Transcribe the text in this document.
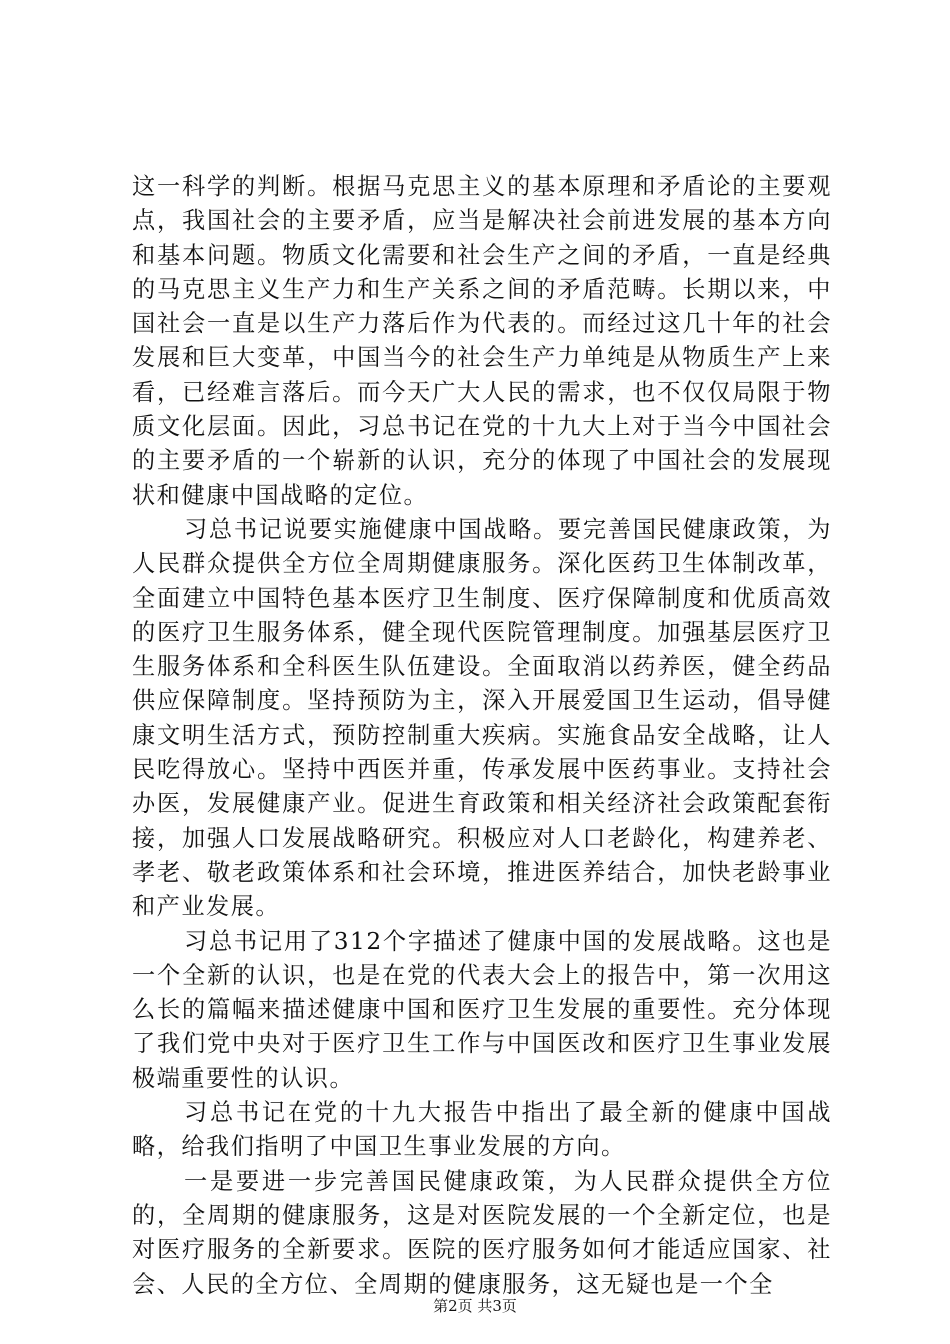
这一科学的判断。根据马克思主义的基本原理和矛盾论的主要观点，我国社会的主要矛盾，应当是解决社会前进发展的基本方向和基本问题。物质文化需要和社会生产之间的矛盾，一直是经典的马克思主义生产力和生产关系之间的矛盾范畴。长期以来，中国社会一直是以生产力落后作为代表的。而经过这几十年的社会发展和巨大变革，中国当今的社会生产力单纯是从物质生产上来看，已经难言落后。而今天广大人民的需求，也不仅仅局限于物质文化层面。因此，习总书记在党的十九大上对于当今中国社会的主要矛盾的一个崭新的认识，充分的体现了中国社会的发展现状和健康中国战略的定位。

习总书记说要实施健康中国战略。要完善国民健康政策，为人民群众提供全方位全周期健康服务。深化医药卫生体制改革，全面建立中国特色基本医疗卫生制度、医疗保障制度和优质高效的医疗卫生服务体系，健全现代医院管理制度。加强基层医疗卫生服务体系和全科医生队伍建设。全面取消以药养医，健全药品供应保障制度。坚持预防为主，深入开展爱国卫生运动，倡导健康文明生活方式，预防控制重大疾病。实施食品安全战略，让人民吃得放心。坚持中西医并重，传承发展中医药事业。支持社会办医，发展健康产业。促进生育政策和相关经济社会政策配套衔接，加强人口发展战略研究。积极应对人口老龄化，构建养老、孝老、敬老政策体系和社会环境，推进医养结合，加快老龄事业和产业发展。

习总书记用了312个字描述了健康中国的发展战略。这也是一个全新的认识，也是在党的代表大会上的报告中，第一次用这么长的篇幅来描述健康中国和医疗卫生发展的重要性。充分体现了我们党中央对于医疗卫生工作与中国医改和医疗卫生事业发展极端重要性的认识。

习总书记在党的十九大报告中指出了最全新的健康中国战略，给我们指明了中国卫生事业发展的方向。

一是要进一步完善国民健康政策，为人民群众提供全方位的，全周期的健康服务，这是对医院发展的一个全新定位，也是对医疗服务的全新要求。医院的医疗服务如何才能适应国家、社会、人民的全方位、全周期的健康服务，这无疑也是一个全

第2页 共3页
